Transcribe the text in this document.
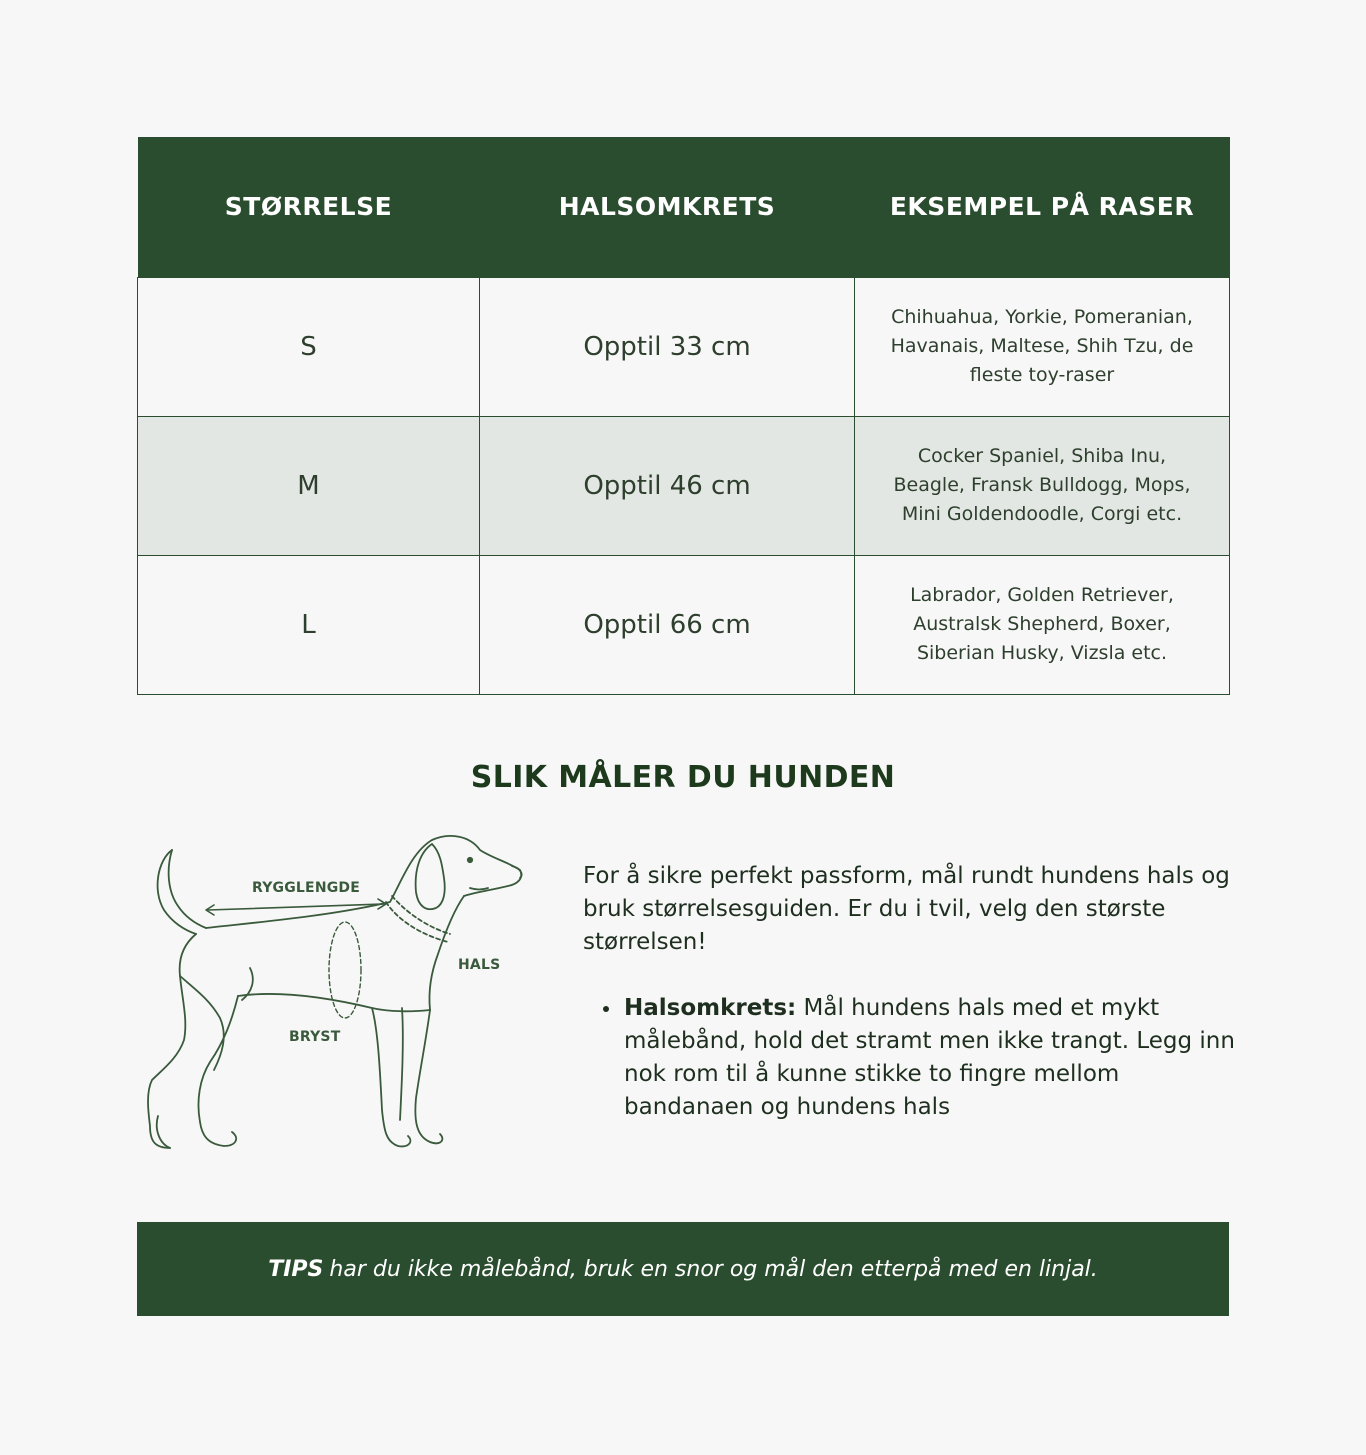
STØRRELSE	HALSOMKRETS	EKSEMPEL PÅ RASER
S	Opptil 33 cm	Chihuahua, Yorkie, Pomeranian,
Havanais, Maltese, Shih Tzu, de
fleste toy-raser
M	Opptil 46 cm	Cocker Spaniel, Shiba Inu,
Beagle, Fransk Bulldogg, Mops,
Mini Goldendoodle, Corgi etc.
L	Opptil 66 cm	Labrador, Golden Retriever,
Australsk Shepherd, Boxer,
Siberian Husky, Vizsla etc.
SLIK MÅLER DU HUNDEN
RYGGLENGDE
HALS
BRYST

For å sikre perfekt passform, mål rundt hundens hals og bruk størrelsesguiden. Er du i tvil, velg den største størrelsen!

Halsomkrets: Mål hundens hals med et mykt målebånd, hold det stramt men ikke trangt. Legg inn nok rom til å kunne stikke to fingre mellom bandanaen og hundens hals
TIPS har du ikke målebånd, bruk en snor og mål den etterpå med en linjal.
